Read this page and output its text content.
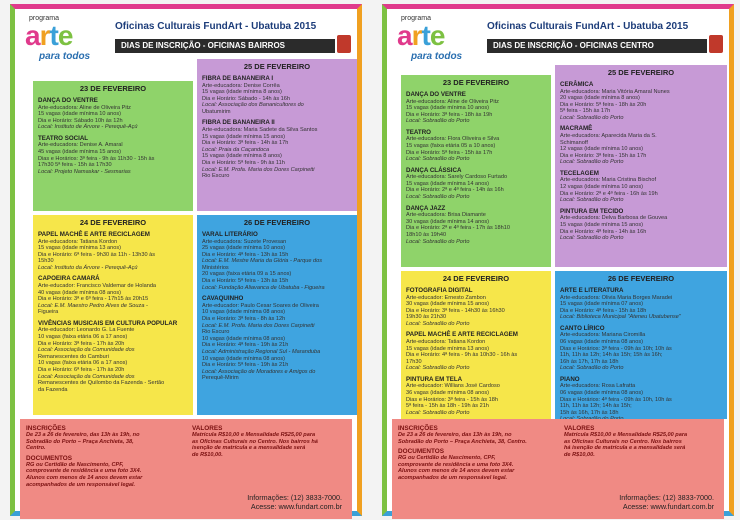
programa
arte
para todos
Oficinas Culturais FundArt - Ubatuba 2015
DIAS DE INSCRIÇÃO - OFICINAS BAIRROS
23 DE FEVEREIRO
DANÇA DO VENTRE
Arte-educadora: Aline de Oliveira Pitz
15 vagas (idade mínima 10 anos)
Dia e Horário: Sábado 10h às 12h
Local: Instituto de Árvore - Perequê-Açú
TEATRO SOCIAL
Arte-educadora: Denise A. Amaral
45 vagas (idade mínima 15 anos)
Dias e Horários: 3ª feira - 9h às 11h30 - 15h às
17h30 5ª feira - 15h às 17h30
Local: Projeto Namaskar - Sesmarias
25 DE FEVEREIRO
FIBRA DE BANANEIRA I
Arte-educadora: Denise Corrêa
15 vagas (idade mínima 8 anos)
Dia e Horário: Sábado - 14h às 16h
Local: Associação dos Bananicultores do
Ubatumirim
FIBRA DE BANANEIRA II
Arte-educadora: Maria Sadete da Silva Santos
15 vagas (idade mínima 15 anos)
Dia e Horário: 3ª feira - 14h às 17h
Local: Praia da Caçandoca
15 vagas (idade mínima 8 anos)
Dia e Horário: 5ª feira - 9h às 11h
Local: E.M. Profa. Maria dos Dores Carpinetti
Rio Escuro
24 DE FEVEREIRO
PAPEL MACHÊ E ARTE RECICLAGEM
Arte-educadora: Tatiana Kordon
15 vagas (idade mínima 13 anos)
Dia e Horário: 6ª feira - 9h30 às 11h - 13h30 às
15h30
Local: Instituto da Árvore - Perequê-Açú
CAPOEIRA CAMARÁ
Arte-educador: Francisco Valdemar de Holanda
40 vagas (idade mínima 08 anos)
Dia e Horário: 3ª e 6ª feira - 17h15 às 20h15
Local: E.M. Maestro Pedro Alves de Souza -
Figueira
VIVÊNCIAS MUSICAIS EM CULTURA POPULAR
Arte-educador: Leonardo G. La Fuente
10 vagas (faixa etária 06 a 17 anos)
Dia e Horário: 3ª feira - 17h às 20h
Local: Associação da Comunidade dos
Remanescentes do Camburi
10 vagas (faixa etária 06 a 17 anos)
Dia e Horário: 6ª feira - 17h às 20h
Local: Associação da Comunidade dos
Remanescentes de Quilombo da Fazenda - Sertão
da Fazenda
26 DE FEVEREIRO
VARAL LITERÁRIO
Arte-educadora: Suzete Provesan
25 vagas (idade mínima 10 anos)
Dia e Horário: 4ª feira - 13h às 15h
Local: E.M. Mestre Maria da Glória - Parque dos
Ministérios
20 vagas (faixa etária 09 a 15 anos)
Dia e Horário: 5ª feira - 13h às 15h
Local: Fundação Aliavanca de Ubatuba - Figueira
CAVAQUINHO
Arte-educador: Paulo Cesar Soares de Oliveira
10 vagas (idade mínima 08 anos)
Dia e Horário: 3ª feira - 8h às 12h
Local: E.M. Profa. Maria dos Dores Carpinetti
Rio Escuro
10 vagas (idade mínima 08 anos)
Dia e Horário: 4ª feira - 19h às 21h
Local: Administração Regional Sul - Maranduba
10 vagas (idade mínima 08 anos)
Dia e Horário: 5ª feira - 19h às 21h
Local: Associação de Moradores e Amigos do
Perequê-Mirim
INSCRIÇÕES
De 23 a 26 de fevereiro, das 13h às 19h, no
Sobradão do Porto – Praça Anchieta, 38,
Centro.
DOCUMENTOS
RG ou Certidão de Nascimento, CPF,
comprovante de residência e uma foto 3X4.
Alunos com menos de 14 anos devem estar
acompanhados de um responsável legal.
VALORES
Matrícula R$10,00 e Mensalidade R$25,00 para
as Oficinas Culturais no Centro. Nos bairros há
isenção de matrícula e a mensalidade será
de R$10,00.
Informações: (12) 3833-7000.
Acesse: www.fundart.com.br
programa
arte
para todos
Oficinas Culturais FundArt - Ubatuba 2015
DIAS DE INSCRIÇÃO - OFICINAS CENTRO
23 DE FEVEREIRO
DANÇA DO VENTRE
Arte-educadora: Aline de Oliveira Pitz
15 vagas (idade mínima 10 anos)
Dia e Horário: 3ª feira - 18h às 19h
Local: Sobradão do Porto
TEATRO
Arte-educadora: Flora Oliveira e Silva
15 vagas (faixa etária 05 a 10 anos)
Dia e Horário: 5ª feira - 15h às 17h
Local: Sobradão do Porto
DANÇA CLÁSSICA
Arte-educadora: Sarely Cardoso Furtado
15 vagas (idade mínima 14 anos)
Dia e Horário: 2ª e 4ª feira - 14h às 16h
Local: Sobradão do Porto
DANÇA JAZZ
Arte-educadora: Brisa Diamante
30 vagas (idade mínima 14 anos)
Dia e Horário: 2ª e 4ª feira - 17h às 18h10
18h10 às 19h40
Local: Sobradão do Porto
25 DE FEVEREIRO
CERÂMICA
Arte-educadora: Maria Vitória Amaral Nunes
20 vagas (idade mínima 8 anos)
Dia e Horário: 5ª feira - 18h às 20h
5ª feira - 15h às 17h
Local: Sobradão do Porto
MACRAMÊ
Arte-educadora: Aparecida Maria da S.
Schimanoff
12 vagas (idade mínima 10 anos)
Dia e Horário: 3ª feira - 15h às 17h
Local: Sobradão do Porto
TECELAGEM
Arte-educadora: Maria Cristina Bischof
12 vagas (idade mínima 10 anos)
Dia e Horário: 2ª e 4ª feira - 16h às 19h
Local: Sobradão do Porto
PINTURA EM TECIDO
Arte-educadora: Delva Barbosa de Gouvea
15 vagas (idade mínima 15 anos)
Dia e Horário: 4ª feira - 14h às 16h
Local: Sobradão do Porto
24 DE FEVEREIRO
FOTOGRAFIA DIGITAL
Arte-educador: Ernesto Zambon
30 vagas (idade mínima 15 anos)
Dia e Horário: 3ª feira - 14h30 às 16h30
19h30 às 21h30
Local: Sobradão do Porto
PAPEL MACHÊ E ARTE RECICLAGEM
Arte-educadora: Tatiana Kordon
15 vagas (idade mínima 13 anos)
Dia e Horário: 4ª feira - 9h às 10h30 - 16h às
17h30
Local: Sobradão do Porto
PINTURA EM TELA
Arte-educador: Willians José Cardoso
36 vagas (idade mínima 08 anos)
Dias e Horários: 3ª feira - 15h às 18h
5ª feira - 15h às 18h - 19h às 21h
Local: Sobradão do Porto
26 DE FEVEREIRO
ARTE E LITERATURA
Arte-educadora: Olivia Maria Borges Maradei
15 vagas (idade mínima 07 anos)
Dia e Horário: 4ª feira - 15h às 18h
Local: Biblioteca Municipal "Ateneu Ubatubense"
CANTO LÍRICO
Arte-educadora: Mariana Ciromilla
06 vagas (idade mínima 08 anos)
Dias e Horários: 3ª feira - 09h às 10h; 10h às
11h, 11h às 12h; 14h às 15h; 15h às 16h;
16h às 17h, 17h às 18h
Local: Sobradão do Porto
PIANO
Arte-educadora: Rosa Lafratta
06 vagas (idade mínima 08 anos)
Dias e Horários: 4ª feira - 09h às 10h, 10h às
11h, 11h às 12h; 14h às 15h;
15h às 16h, 17h às 18h
INSCRIÇÕES
De 23 a 26 de fevereiro, das 13h às 19h, no
Sobradão do Porto – Praça Anchieta, 38, Centro.
DOCUMENTOS
RG ou Certidão de Nascimento, CPF,
comprovante de residência e uma foto 3X4.
Alunos com menos de 14 anos devem estar
acompanhados de um responsável legal.
VALORES
Matrícula R$10,00 e Mensalidade R$25,00 para
as Oficinas Culturais no Centro. Nos bairros
há isenção de matrícula e a mensalidade será
de R$10,00.
Informações: (12) 3833-7000.
Acesse: www.fundart.com.br
